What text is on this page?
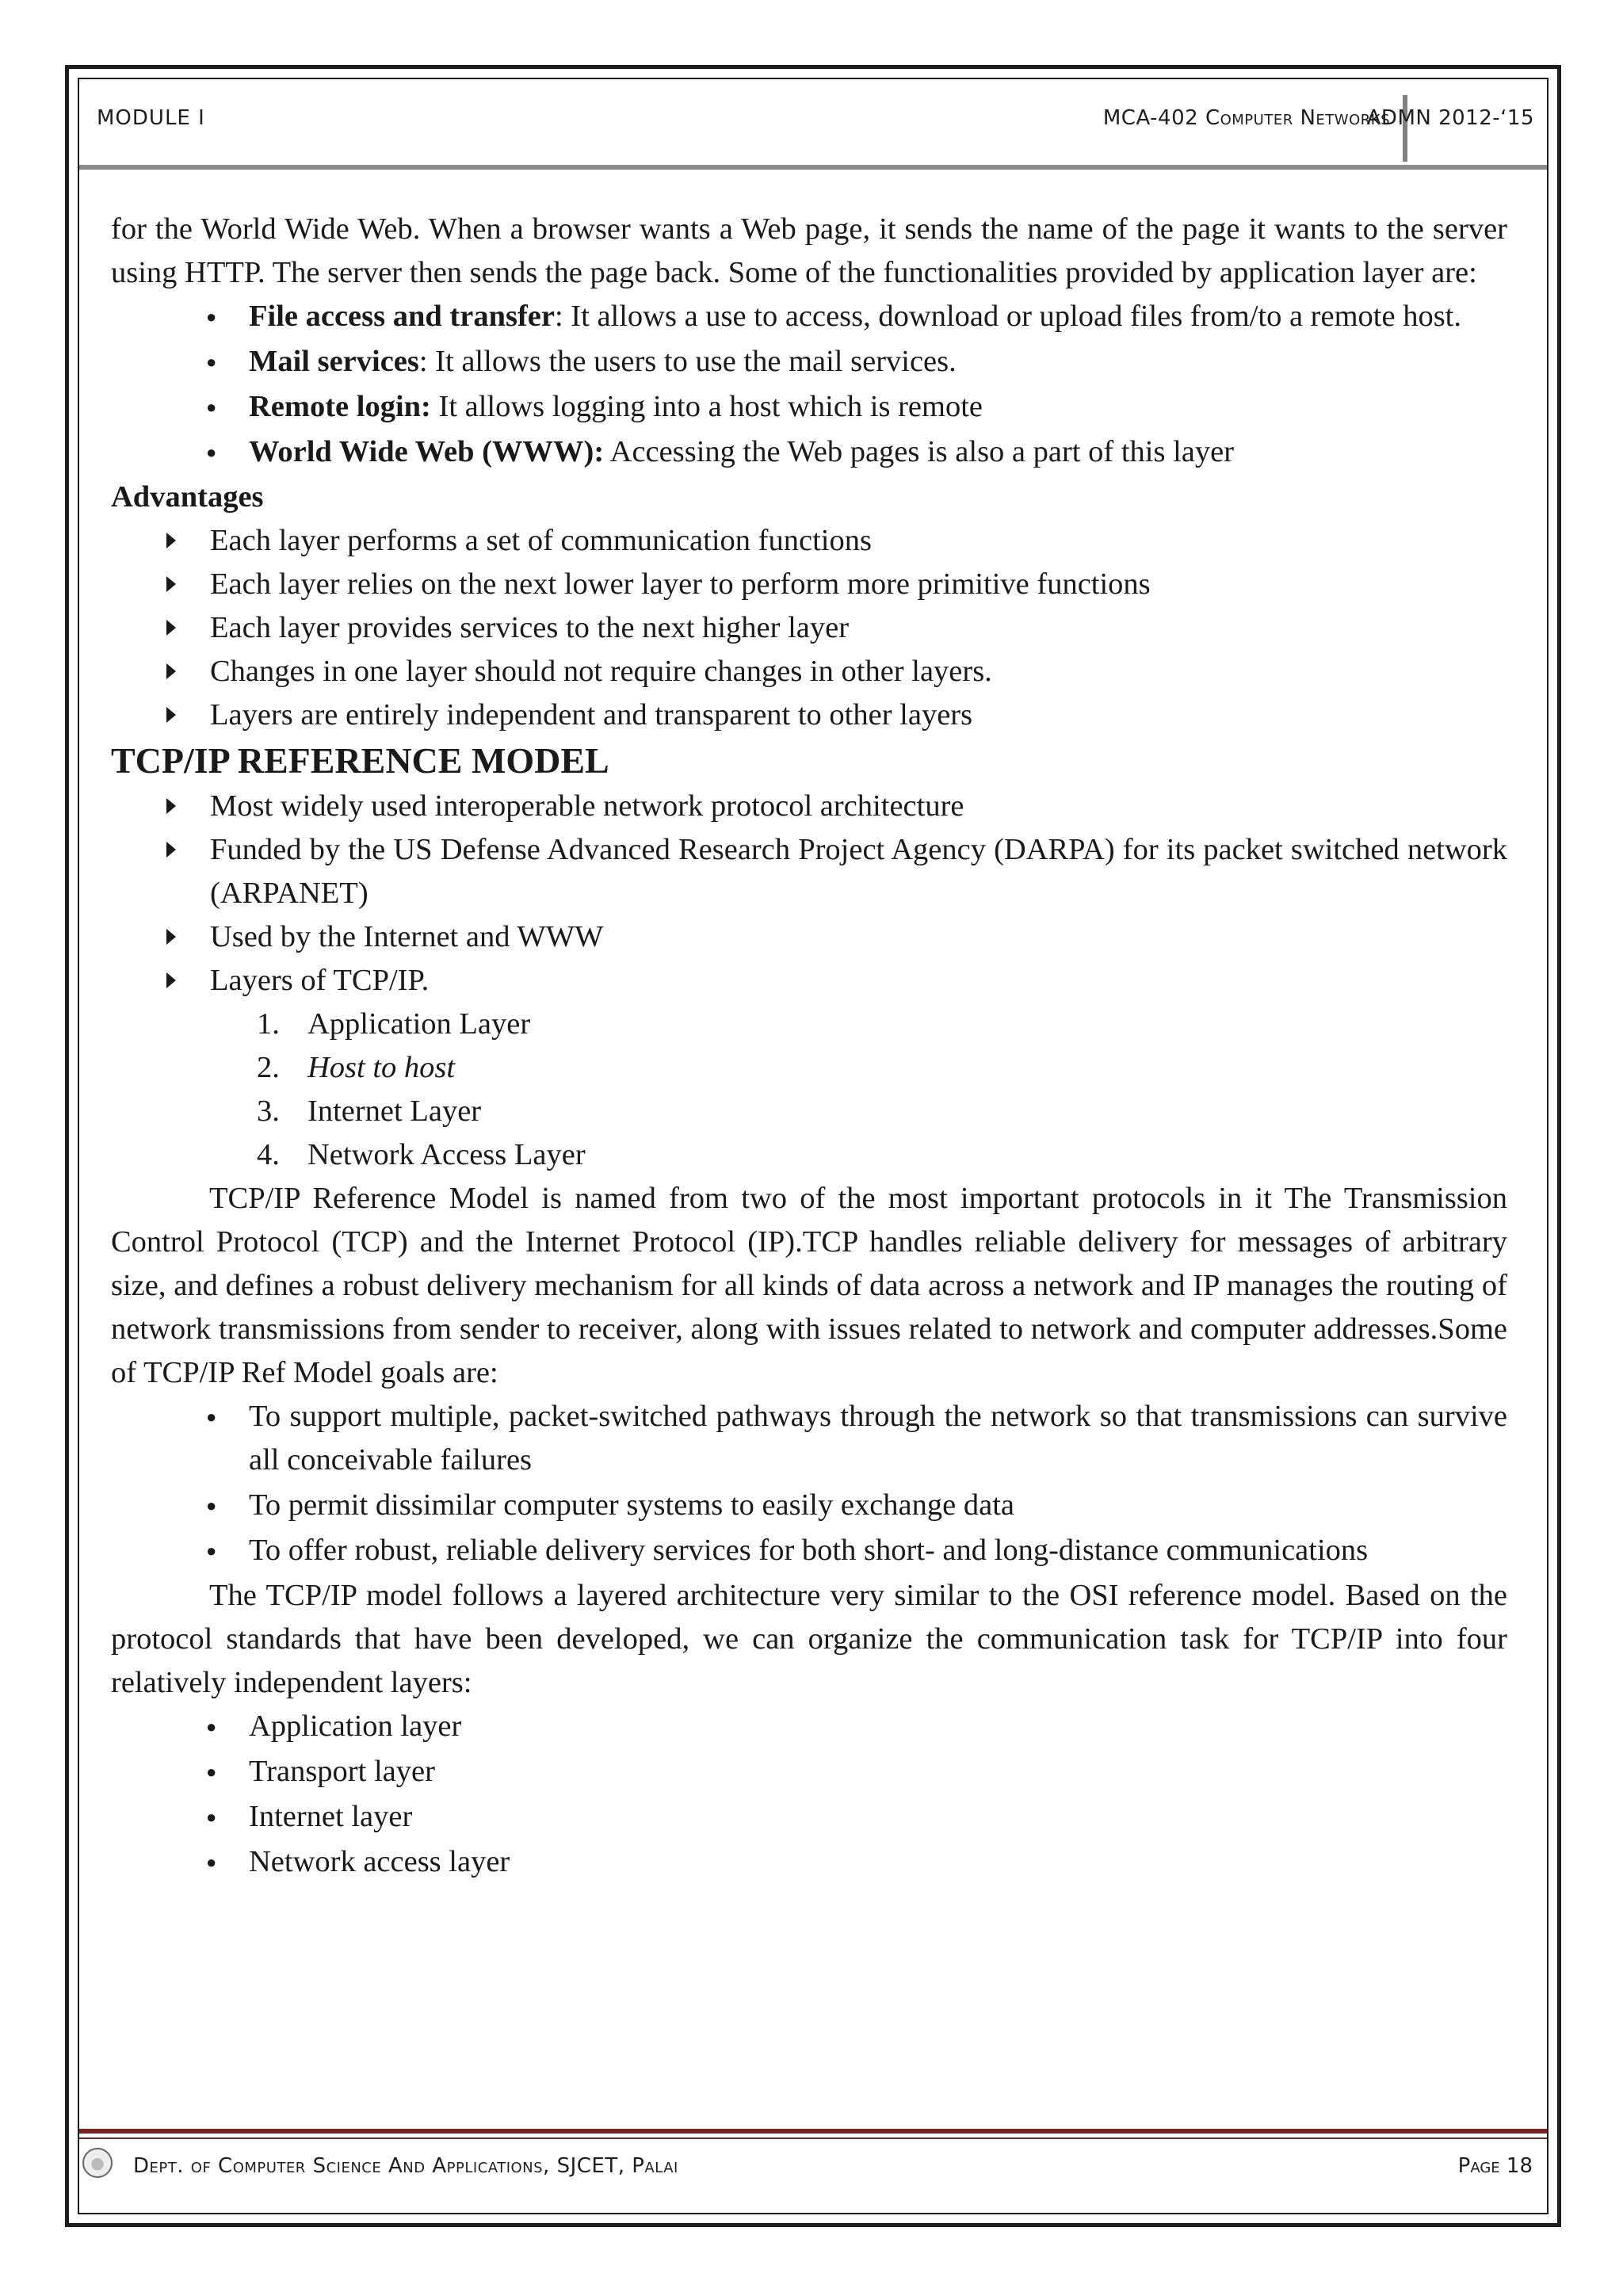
MODULE I	MCA-402 Computer Networks
ADMN 2012-‘15

for the World Wide Web. When a browser wants a Web page, it sends the name of the page it wants to the server using HTTP. The server then sends the page back. Some of the functionalities provided by application layer are:

● File access and transfer: It allows a use to access, download or upload files from/to a remote host.
● Mail services: It allows the users to use the mail services.
● Remote login: It allows logging into a host which is remote
● World Wide Web (WWW): Accessing the Web pages is also a part of this layer

Advantages

Each layer performs a set of communication functions
Each layer relies on the next lower layer to perform more primitive functions
Each layer provides services to the next higher layer
Changes in one layer should not require changes in other layers.
Layers are entirely independent and transparent to other layers

TCP/IP REFERENCE MODEL

Most widely used interoperable network protocol architecture
Funded by the US Defense Advanced Research Project Agency (DARPA) for its packet switched network (ARPANET)
Used by the Internet and WWW
Layers of TCP/IP.
1. Application Layer
2. Host to host
3. Internet Layer
4. Network Access Layer

TCP/IP Reference Model is named from two of the most important protocols in it The Transmission Control Protocol (TCP) and the Internet Protocol (IP).TCP handles reliable delivery for messages of arbitrary size, and defines a robust delivery mechanism for all kinds of data across a network and IP manages the routing of network transmissions from sender to receiver, along with issues related to network and computer addresses.Some of TCP/IP Ref Model goals are:

● To support multiple, packet-switched pathways through the network so that transmissions can survive all conceivable failures
● To permit dissimilar computer systems to easily exchange data
● To offer robust, reliable delivery services for both short- and long-distance communications

The TCP/IP model follows a layered architecture very similar to the OSI reference model. Based on the protocol standards that have been developed, we can organize the communication task for TCP/IP into four relatively independent layers:

● Application layer
● Transport layer
● Internet layer
● Network access layer
Dept. of Computer Science And Applications, SJCET, Palai	Page 18
